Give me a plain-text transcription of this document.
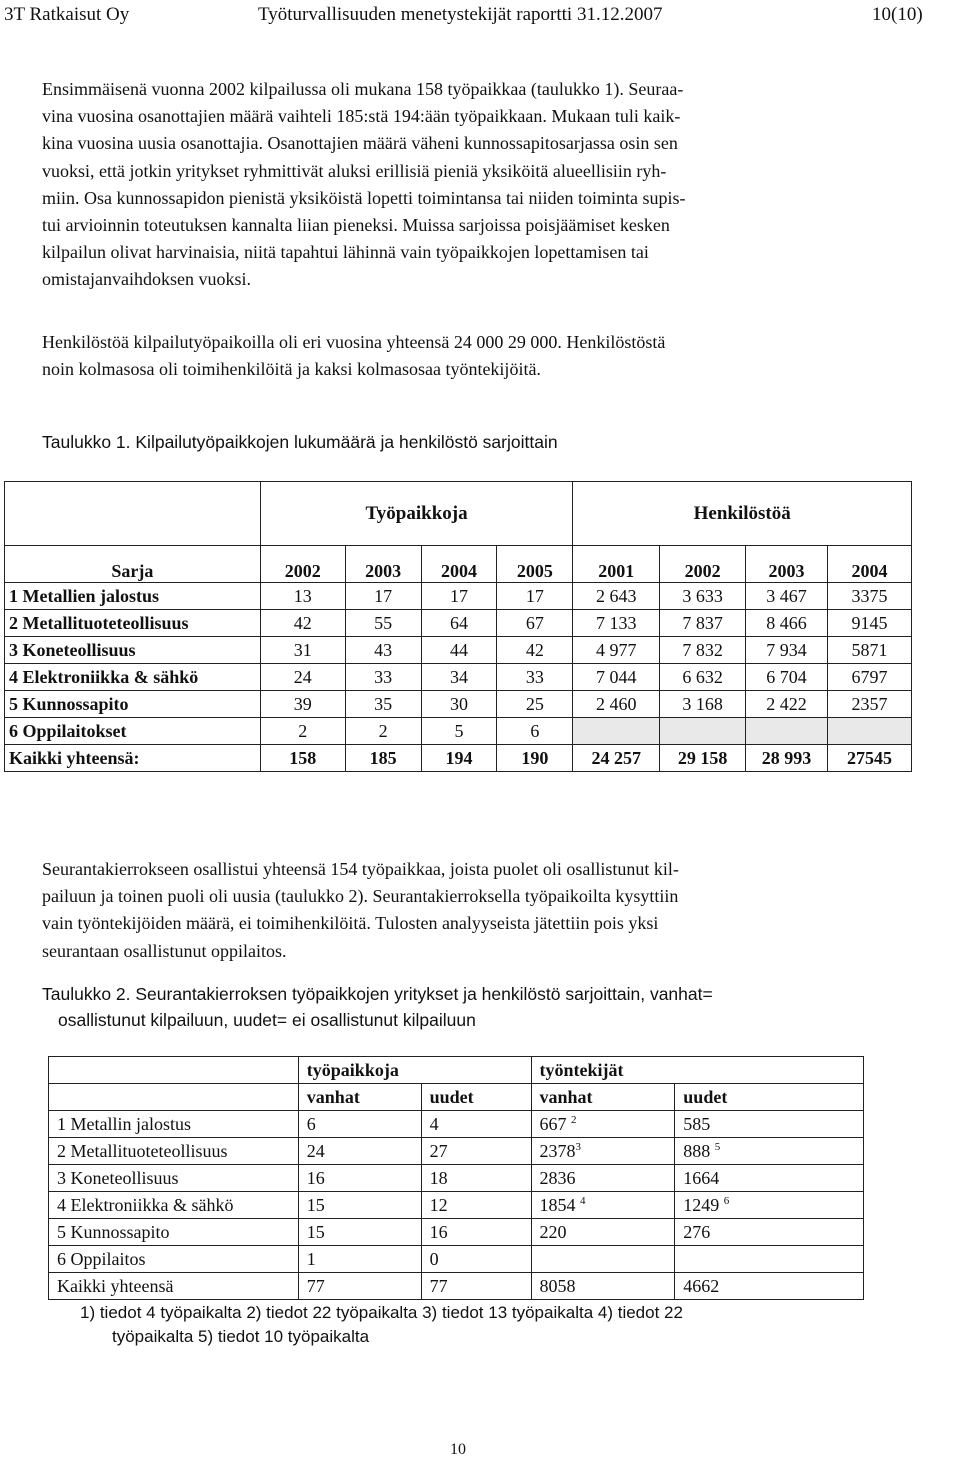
3T Ratkaisut Oy	Työturvallisuuden menetystekijät raportti 31.12.2007	10(10)
Ensimmäisenä vuonna 2002 kilpailussa oli mukana 158 työpaikkaa (taulukko 1). Seuraa-
vina vuosina osanottajien määrä vaihteli 185:stä 194:ään työpaikkaan. Mukaan tuli kaik-
kina vuosina uusia osanottajia. Osanottajien määrä väheni kunnossapitosarjassa osin sen
vuoksi, että jotkin yritykset ryhmittivät aluksi erillisiä pieniä yksiköitä alueellisiin ryh-
miin. Osa kunnossapidon pienistä yksiköistä lopetti toimintansa tai niiden toiminta supis-
tui arvioinnin toteutuksen kannalta liian pieneksi. Muissa sarjoissa poisjäämiset kesken
kilpailun olivat harvinaisia, niitä tapahtui lähinnä vain työpaikkojen lopettamisen tai
omistajanvaihdoksen vuoksi.
Henkilöstöä kilpailutyöpaikoilla oli eri vuosina yhteensä 24 000 29 000. Henkilöstöstä
noin kolmasosa oli toimihenkilöitä ja kaksi kolmasosaa työntekijöitä.
Taulukko 1. Kilpailutyöpaikkojen lukumäärä ja henkilöstö sarjoittain
	Työpaikkoja				Henkilöstöä			

Sarja	2002	2003	2004	2005	2001	2002	2003	2004
1 Metallien jalostus	13	17	17	17	2 643	3 633	3 467	3375
2 Metallituoteteollisuus	42	55	64	67	7 133	7 837	8 466	9145
3 Koneteollisuus	31	43	44	42	4 977	7 832	7 934	5871
4 Elektroniikka & sähkö	24	33	34	33	7 044	6 632	6 704	6797
5 Kunnossapito	39	35	30	25	2 460	3 168	2 422	2357
6 Oppilaitokset	2	2	5	6				
Kaikki yhteensä:	158	185	194	190	24 257	29 158	28 993	27545
Seurantakierrokseen osallistui yhteensä 154 työpaikkaa, joista puolet oli osallistunut kil-
pailuun ja toinen puoli oli uusia (taulukko 2). Seurantakierroksella työpaikoilta kysyttiin
vain työntekijöiden määrä, ei toimihenkilöitä. Tulosten analyyseista jätettiin pois yksi
seurantaan osallistunut oppilaitos.
Taulukko 2. Seurantakierroksen työpaikkojen yritykset ja henkilöstö sarjoittain, vanhat=
osallistunut kilpailuun, uudet= ei osallistunut kilpailuun
	työpaikkoja		työntekijät	
	vanhat	uudet	vanhat	uudet
1 Metallin jalostus	6	4	667 $^2$	585
2 Metallituoteteollisuus	24	27	2378$^3$	888 $^5$
3 Koneteollisuus	16	18	2836	1664
4 Elektroniikka & sähkö	15	12	1854 $^4$	1249 $^6$
5 Kunnossapito	15	16	220	276
6 Oppilaitos	1	0		
Kaikki yhteensä	77	77	8058	4662
1) tiedot 4 työpaikalta 2) tiedot 22 työpaikalta 3) tiedot 13 työpaikalta 4) tiedot 22
työpaikalta 5) tiedot 10 työpaikalta
10
